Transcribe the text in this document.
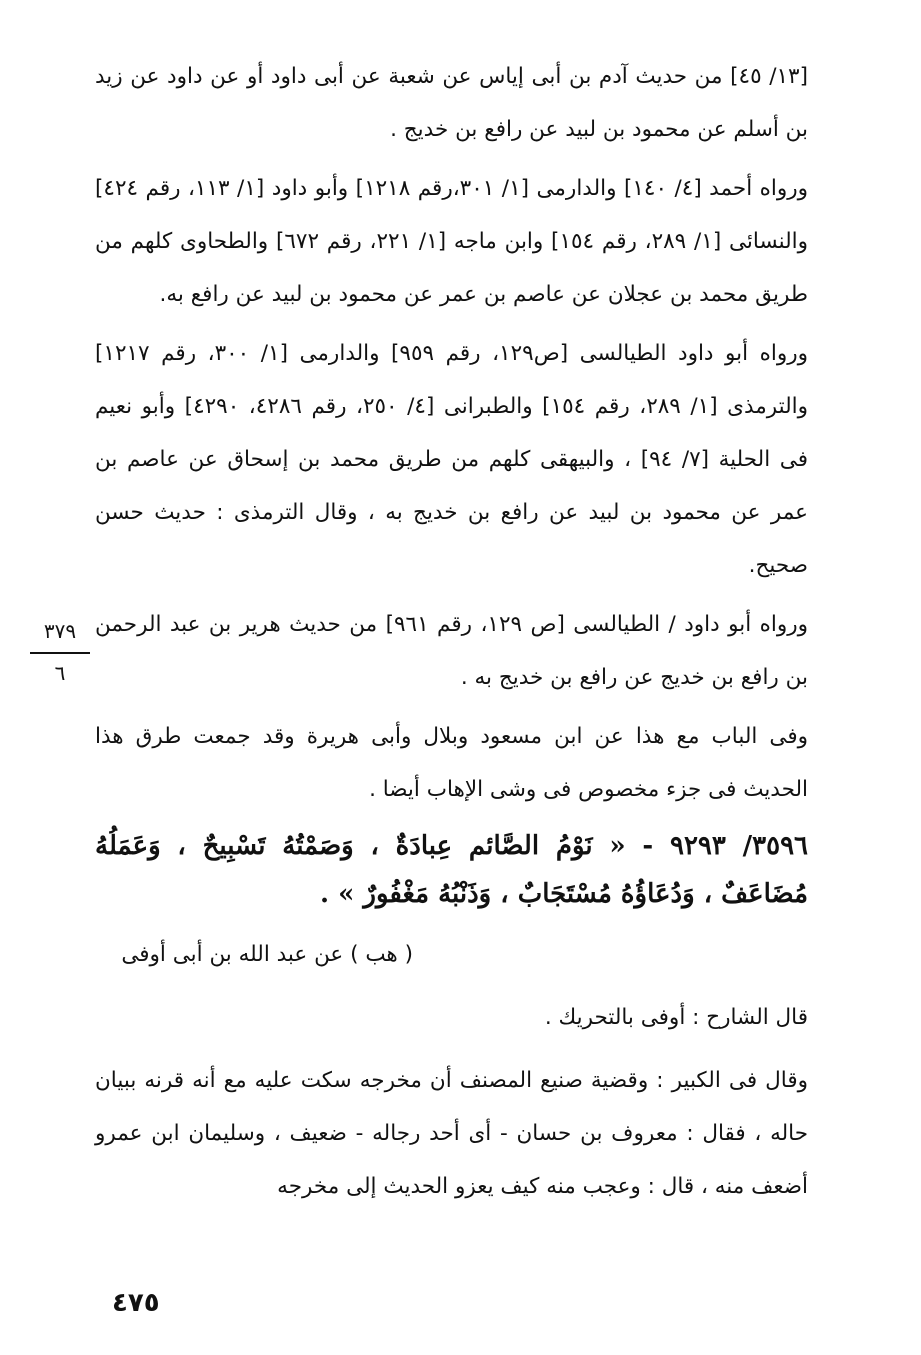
[١٣/ ٤٥] من حديث آدم بن أبى إياس عن شعبة عن أبى داود أو عن داود عن زيد بن أسلم عن محمود بن لبيد عن رافع بن خديج .

ورواه أحمد [٤/ ١٤٠] والدارمى [١/ ٣٠١،رقم ١٢١٨] وأبو داود [١/ ١١٣، رقم ٤٢٤] والنسائى [١/ ٢٨٩، رقم ١٥٤] وابن ماجه [١/ ٢٢١، رقم ٦٧٢] والطحاوى كلهم من طريق محمد بن عجلان عن عاصم بن عمر عن محمود بن لبيد عن رافع به.

ورواه أبو داود الطيالسى [ص١٢٩، رقم ٩٥٩] والدارمى [١/ ٣٠٠، رقم ١٢١٧] والترمذى [١/ ٢٨٩، رقم ١٥٤] والطبرانى [٤/ ٢٥٠، رقم ٤٢٨٦، ٤٢٩٠] وأبو نعيم فى الحلية [٧/ ٩٤] ، والبيهقى كلهم من طريق محمد بن إسحاق عن عاصم بن عمر عن محمود بن لبيد عن رافع بن خديج به ، وقال الترمذى : حديث حسن صحيح.

ورواه أبو داود / الطيالسى [ص ١٢٩، رقم ٩٦١] من حديث هرير بن عبد الرحمن بن رافع بن خديج عن رافع بن خديج به .

وفى الباب مع هذا عن ابن مسعود وبلال وأبى هريرة وقد جمعت طرق هذا الحديث فى جزء مخصوص فى وشى الإهاب أيضا .

٣٥٩٦/ ٩٢٩٣ - « نَوْمُ الصَّائم عِبادَةٌ ، وَصَمْتُهُ تَسْبِيحٌ ، وَعَمَلُهُ مُضَاعَفٌ ، وَدُعَاؤُهُ مُسْتَجَابٌ ، وَذَنْبُهُ مَغْفُورٌ » .

( هب ) عن عبد الله بن أبى أوفى

قال الشارح : أوفى بالتحريك .

وقال فى الكبير : وقضية صنيع المصنف أن مخرجه سكت عليه مع أنه قرنه ببيان حاله ، فقال : معروف بن حسان - أى أحد رجاله - ضعيف ، وسليمان ابن عمرو أضعف منه ، قال : وعجب منه كيف يعزو الحديث إلى مخرجه

٣٧٩
٦
٤٧٥
